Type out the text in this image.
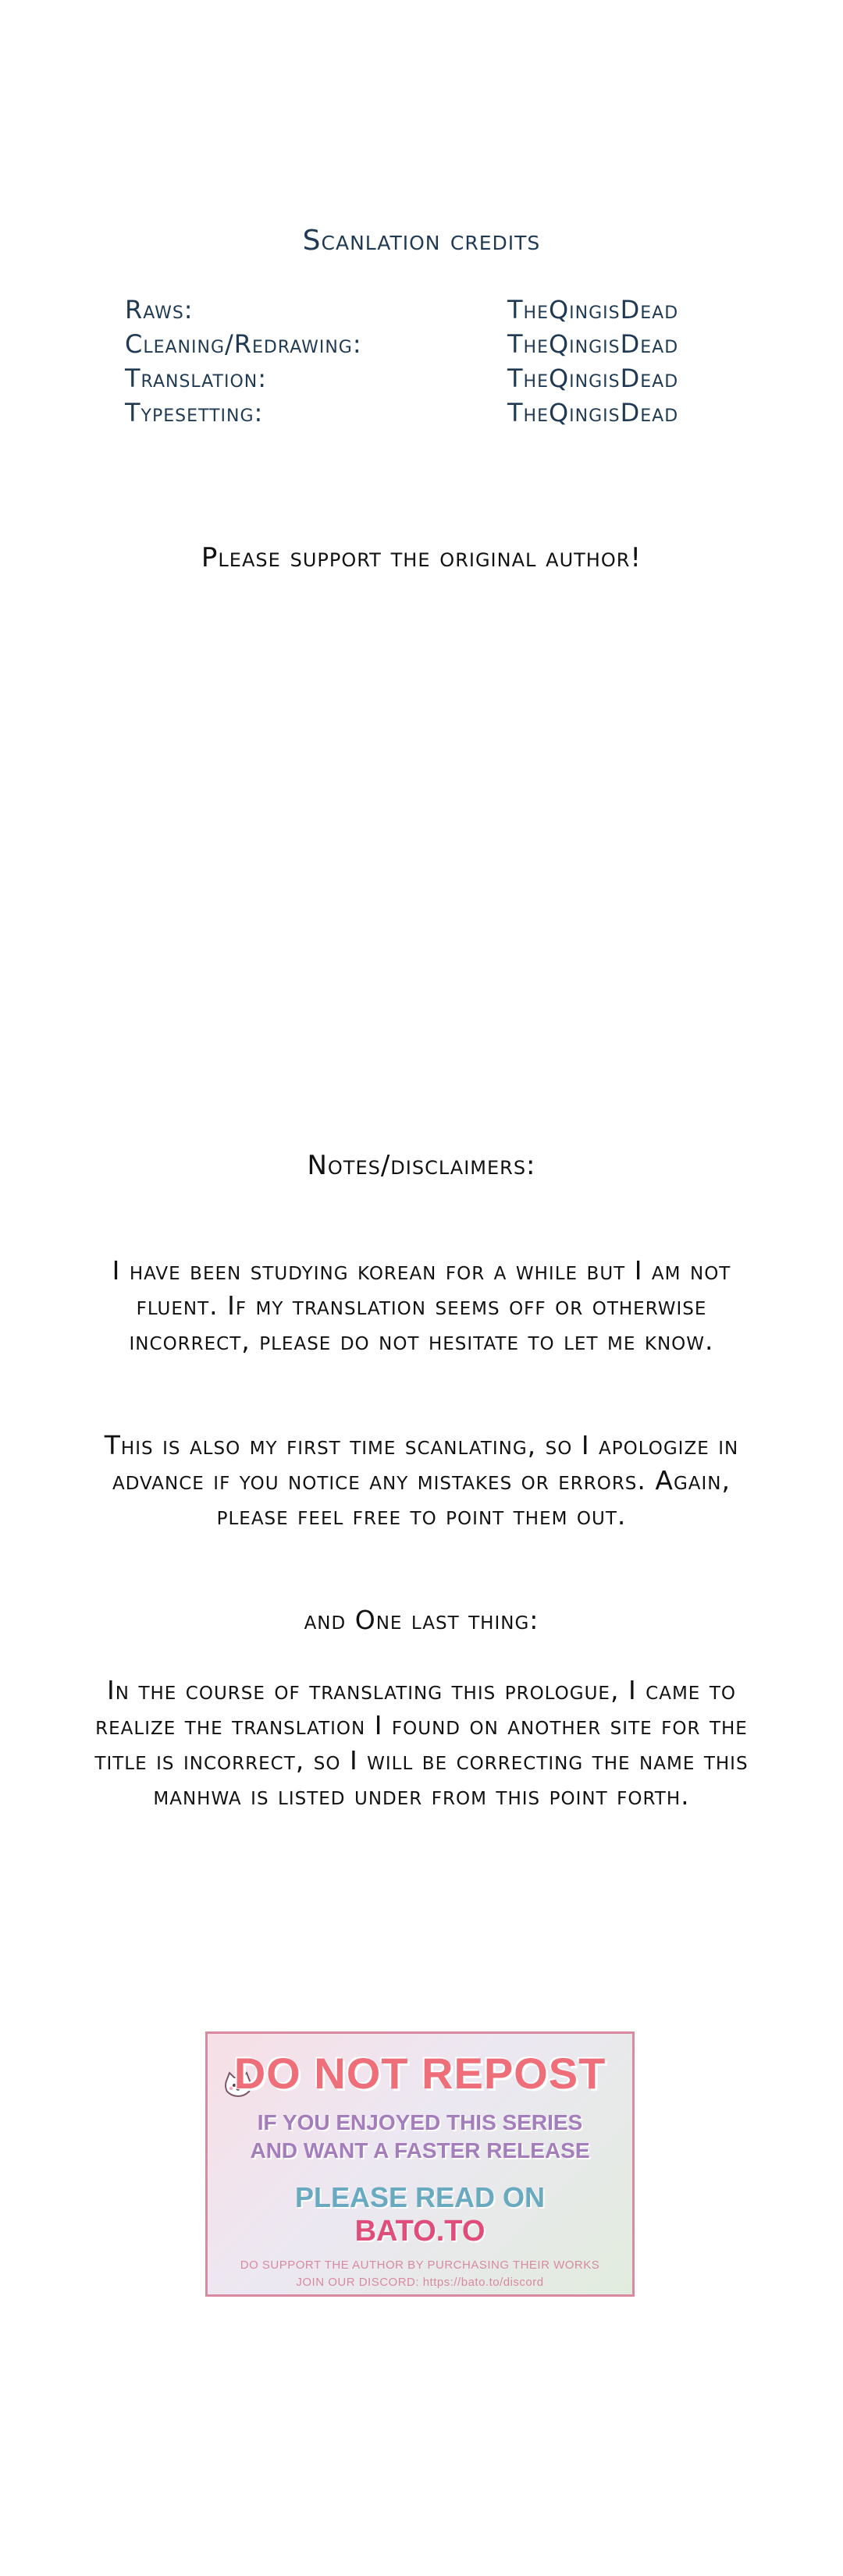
Scanlation credits
Raws:	TheQingisDead
Cleaning/Redrawing:	TheQingisDead
Translation:	TheQingisDead
Typesetting:	TheQingisDead
Please support the original author!
Notes/disclaimers:
I have been studying korean for a while but I am not fluent. If my translation seems off or otherwise incorrect, please do not hesitate to let me know.
This is also my first time scanlating, so I apologize in advance if you notice any mistakes or errors. Again, please feel free to point them out.
and One last thing:
In the course of translating this prologue, I came to realize the translation I found on another site for the title is incorrect, so I will be correcting the name this manhwa is listed under from this point forth.
DO NOT REPOST
IF YOU ENJOYED THIS SERIES
AND WANT A FASTER RELEASE
PLEASE READ ON
BATO.TO
DO SUPPORT THE AUTHOR BY PURCHASING THEIR WORKS
JOIN OUR DISCORD: https://bato.to/discord
